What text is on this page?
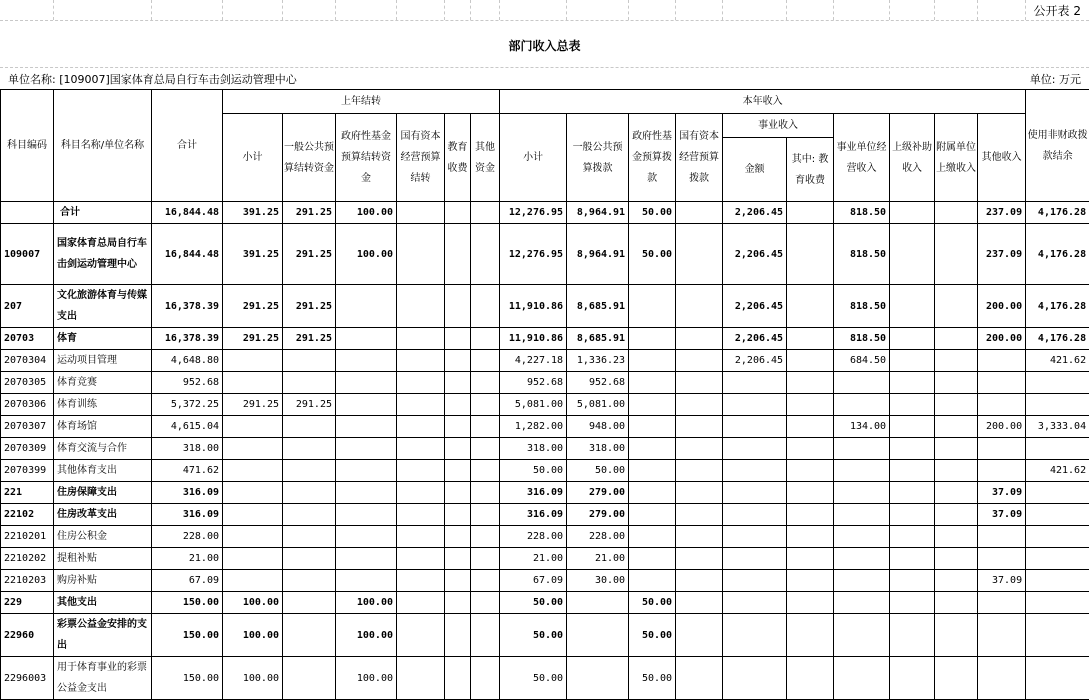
公开表 2
部门收入总表
单位名称: [109007]国家体育总局自行车击剑运动管理中心	单位: 万元
科目编码	科目名称/单位名称	合计	上年结转						本年收入										使用非财政拨款结余
			小计	一般公共预算结转资金	政府性基金预算结转资金	国有资本经营预算结转	教育收费	其他资金	小计	一般公共预算拨款	政府性基金预算拨款	国有资本经营预算拨款	事业收入		事业单位经营收入	上级补助收入	附属单位上缴收入	其他收入	
													金额	其中: 教育收费					
	合计	16,844.48	391.25	291.25	100.00				12,276.95	8,964.91	50.00		2,206.45		818.50			237.09	4,176.28
109007	国家体育总局自行车击剑运动管理中心	16,844.48	391.25	291.25	100.00				12,276.95	8,964.91	50.00		2,206.45		818.50			237.09	4,176.28
207	文化旅游体育与传媒支出	16,378.39	291.25	291.25					11,910.86	8,685.91			2,206.45		818.50			200.00	4,176.28
20703	体育	16,378.39	291.25	291.25					11,910.86	8,685.91			2,206.45		818.50			200.00	4,176.28
2070304	运动项目管理	4,648.80							4,227.18	1,336.23			2,206.45		684.50				421.62
2070305	体育竞赛	952.68							952.68	952.68									
2070306	体育训练	5,372.25	291.25	291.25					5,081.00	5,081.00									
2070307	体育场馆	4,615.04							1,282.00	948.00					134.00			200.00	3,333.04
2070309	体育交流与合作	318.00							318.00	318.00									
2070399	其他体育支出	471.62							50.00	50.00									421.62
221	住房保障支出	316.09							316.09	279.00								37.09	
22102	住房改革支出	316.09							316.09	279.00								37.09	
2210201	住房公积金	228.00							228.00	228.00									
2210202	提租补贴	21.00							21.00	21.00									
2210203	购房补贴	67.09							67.09	30.00								37.09	
229	其他支出	150.00	100.00		100.00				50.00		50.00								
22960	彩票公益金安排的支出	150.00	100.00		100.00				50.00		50.00								
2296003	用于体育事业的彩票公益金支出	150.00	100.00		100.00				50.00		50.00								
